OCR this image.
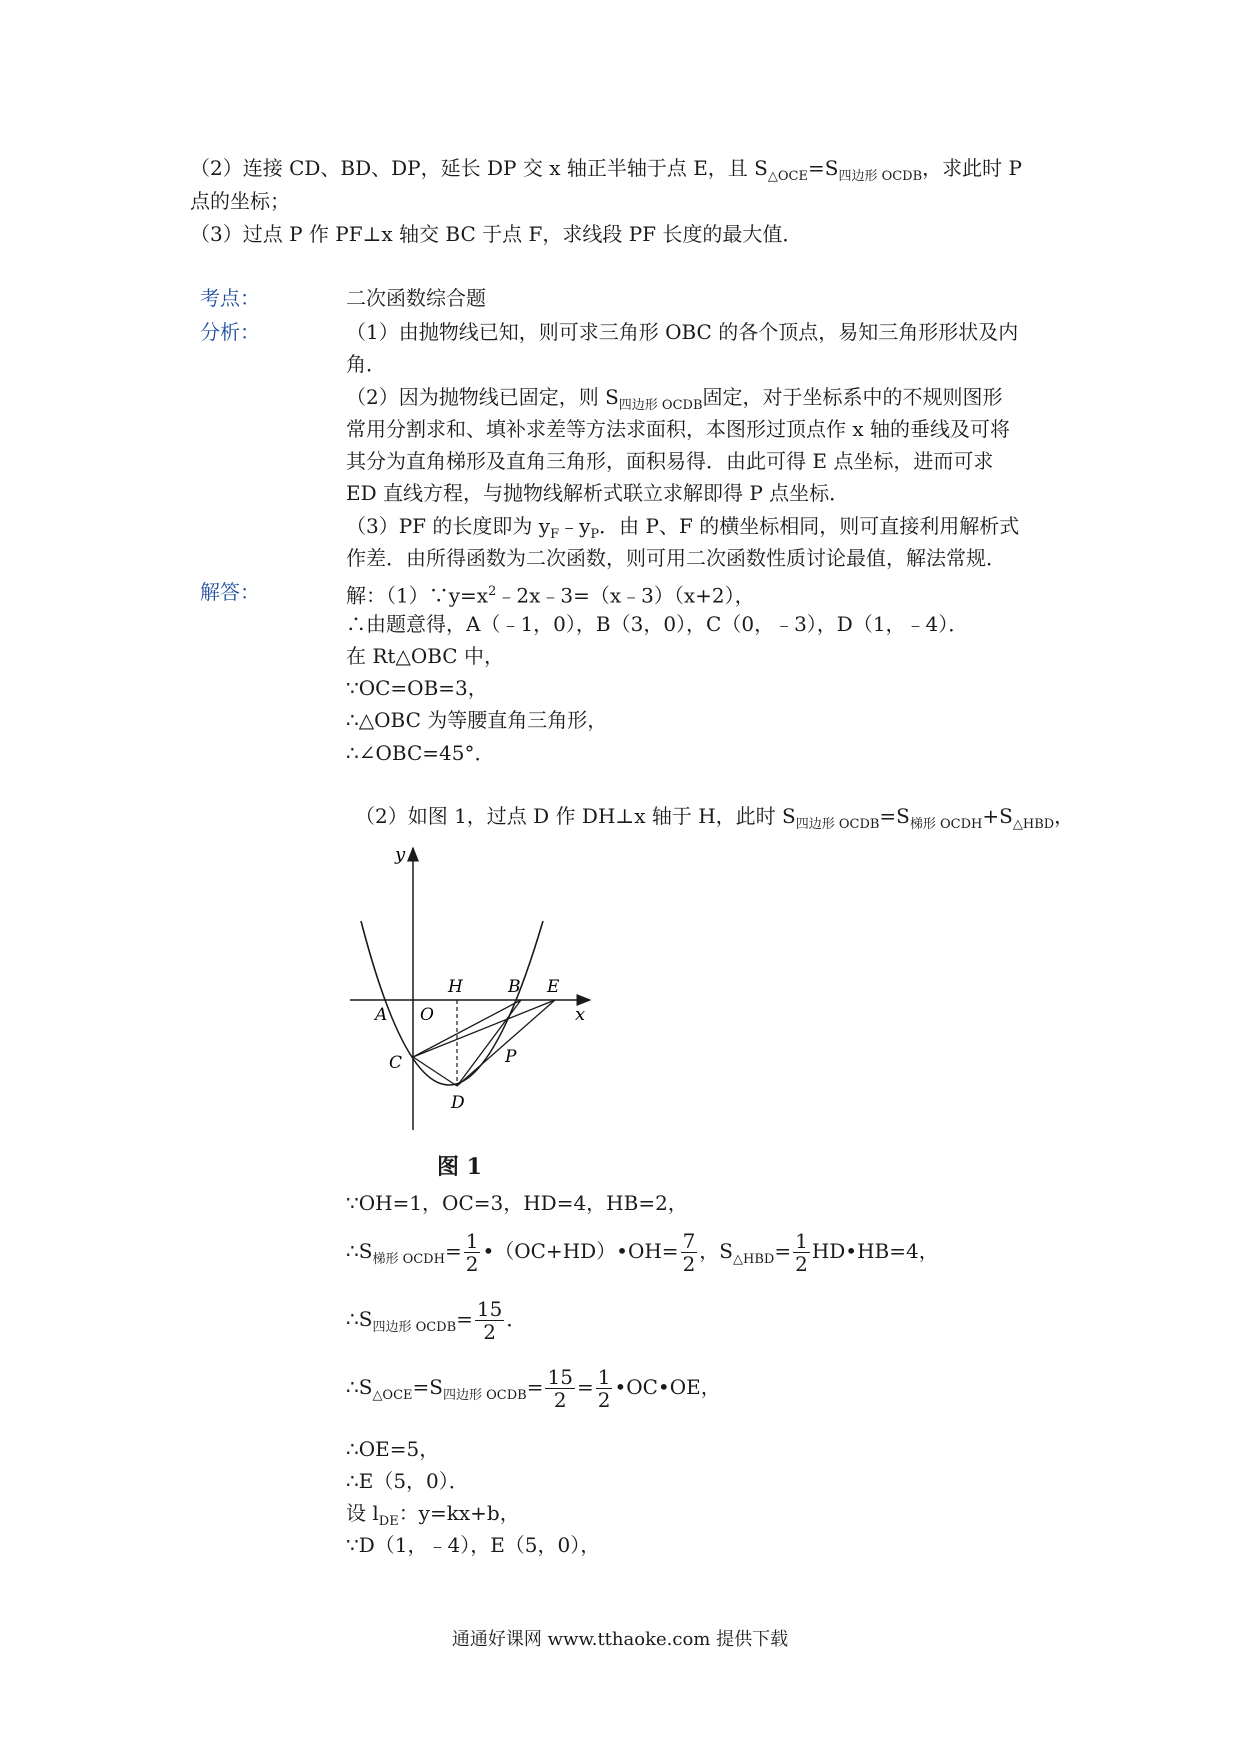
（2）连接 CD、BD、DP，延长 DP 交 x 轴正半轴于点 E，且 $S_{\triangle OCE}=S_{四边形 OCDB}$，求此时 P
点的坐标；
（3）过点 P 作 PF⊥x 轴交 BC 于点 F，求线段 PF 长度的最大值．
考点：
分析：
解答：
二次函数综合题
（1）由抛物线已知，则可求三角形 OBC 的各个顶点，易知三角形形状及内
角．
（2）因为抛物线已固定，则 $S_{四边形 OCDB}$固定，对于坐标系中的不规则图形
常用分割求和、填补求差等方法求面积，本图形过顶点作 x 轴的垂线及可将
其分为直角梯形及直角三角形，面积易得．由此可得 E 点坐标，进而可求
ED 直线方程，与抛物线解析式联立求解即得 P 点坐标．
（3）PF 的长度即为 $y_F﹣y_P$．由 P、F 的横坐标相同，则可直接利用解析式
作差．由所得函数为二次函数，则可用二次函数性质讨论最值，解法常规．
解：$(1)\because y=x^2﹣2x﹣3=(x﹣3)(x+2)$，
∴由题意得，A（﹣1，0），B（3，0），C（0，﹣3），D（1，﹣4）．
在 Rt△OBC 中，
∵OC=OB=3，
∴△OBC 为等腰直角三角形，
∴∠OBC=45°．
（2）如图 1，过点 D 作 DH⊥x 轴于 H，此时 $S_{四边形 OCDB}=S_{梯形 OCDH}+S_{\triangle HBD}$，
y
x
A O
H	B E
C	P
D
图 1
∵OH=1，OC=3，HD=4，HB=2，
$\therefore S_{梯形 OCDH}= \frac{1}{2}$ •（OC+HD）•OH= $\frac{7}{2}$ ，$S_{\triangle HBD}= \frac{1}{2}$ HD•HB=4，
$\therefore S_{四边形 OCDB}= \frac{15}{2}$ ．
$\therefore S_{\triangle OCE}=S_{四边形 OCDB}= \frac{15}{2} = \frac{1}{2}$ •OC•OE，
∴OE=5，
∴E（5，0）．
设 $l_{DE}$：y=kx+b，
∵D（1，﹣4），E（5，0），
通通好课网 www.tthaoke.com 提供下载
